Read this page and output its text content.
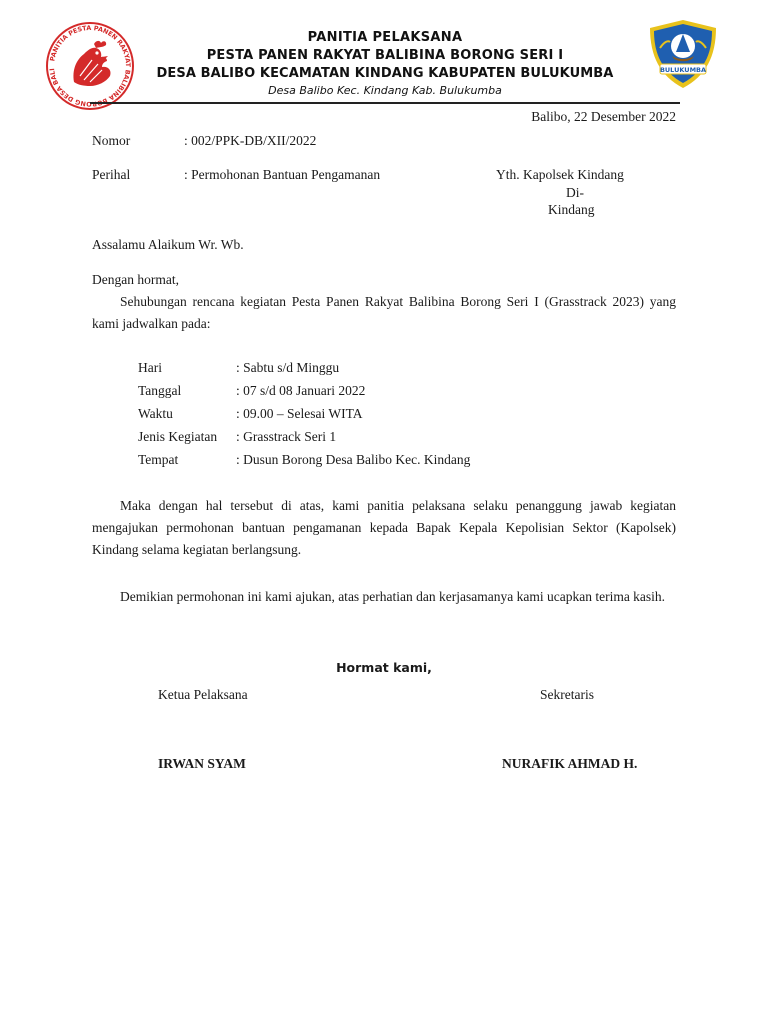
PANITIA PESTA PANEN RAKYAT BALIBINA BORONG DESA BALI	BULUKUMBA
PANITIA PELAKSANA
PESTA PANEN RAKYAT BALIBINA BORONG SERI I
DESA BALIBO KECAMATAN KINDANG KABUPATEN BULUKUMBA
Desa Balibo Kec. Kindang Kab. Bulukumba
Balibo, 22 Desember 2022
Nomor	: 002/PPK-DB/XII/2022
Perihal	: Permohonan Bantuan Pengamanan	Yth. Kapolsek Kindang
Di-
Kindang
Assalamu Alaikum Wr. Wb.
Dengan hormat,
Sehubungan rencana kegiatan Pesta Panen Rakyat Balibina Borong Seri I (Grasstrack 2023) yang kami jadwalkan pada:
Hari	: Sabtu s/d Minggu
Tanggal	: 07 s/d 08 Januari 2022
Waktu	: 09.00 – Selesai WITA
Jenis Kegiatan	: Grasstrack Seri 1
Tempat	: Dusun Borong Desa Balibo Kec. Kindang
Maka dengan hal tersebut di atas, kami panitia pelaksana selaku penanggung jawab kegiatan mengajukan permohonan bantuan pengamanan kepada Bapak Kepala Kepolisian Sektor (Kapolsek) Kindang selama kegiatan berlangsung.
Demikian permohonan ini kami ajukan, atas perhatian dan kerjasamanya kami ucapkan terima kasih.
Hormat kami,
Ketua Pelaksana	Sekretaris
IRWAN SYAM	NURAFIK AHMAD H.
